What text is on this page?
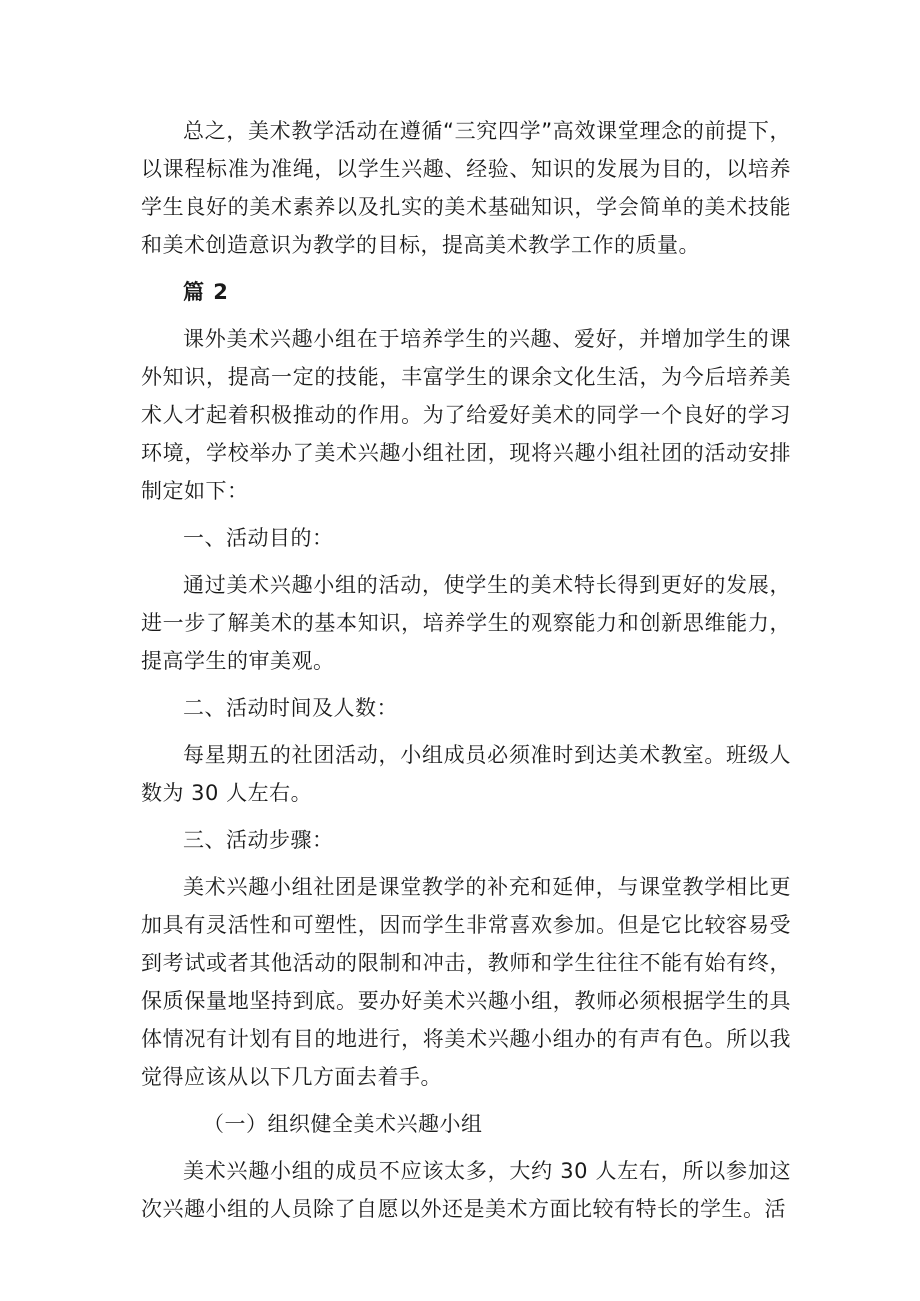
总之，美术教学活动在遵循“三究四学”高效课堂理念的前提下，以课程标准为准绳，以学生兴趣、经验、知识的发展为目的，以培养学生良好的美术素养以及扎实的美术基础知识，学会简单的美术技能和美术创造意识为教学的目标，提高美术教学工作的质量。

篇 2

课外美术兴趣小组在于培养学生的兴趣、爱好，并增加学生的课外知识，提高一定的技能，丰富学生的课余文化生活，为今后培养美术人才起着积极推动的作用。为了给爱好美术的同学一个良好的学习环境，学校举办了美术兴趣小组社团，现将兴趣小组社团的活动安排制定如下：

一、活动目的：

通过美术兴趣小组的活动，使学生的美术特长得到更好的发展，进一步了解美术的基本知识，培养学生的观察能力和创新思维能力，提高学生的审美观。

二、活动时间及人数：

每星期五的社团活动，小组成员必须准时到达美术教室。班级人数为 30 人左右。

三、活动步骤：

美术兴趣小组社团是课堂教学的补充和延伸，与课堂教学相比更加具有灵活性和可塑性，因而学生非常喜欢参加。但是它比较容易受到考试或者其他活动的限制和冲击，教师和学生往往不能有始有终，保质保量地坚持到底。要办好美术兴趣小组，教师必须根据学生的具体情况有计划有目的地进行，将美术兴趣小组办的有声有色。所以我觉得应该从以下几方面去着手。

（一）组织健全美术兴趣小组

美术兴趣小组的成员不应该太多，大约 30 人左右，所以参加这次兴趣小组的人员除了自愿以外还是美术方面比较有特长的学生。活
